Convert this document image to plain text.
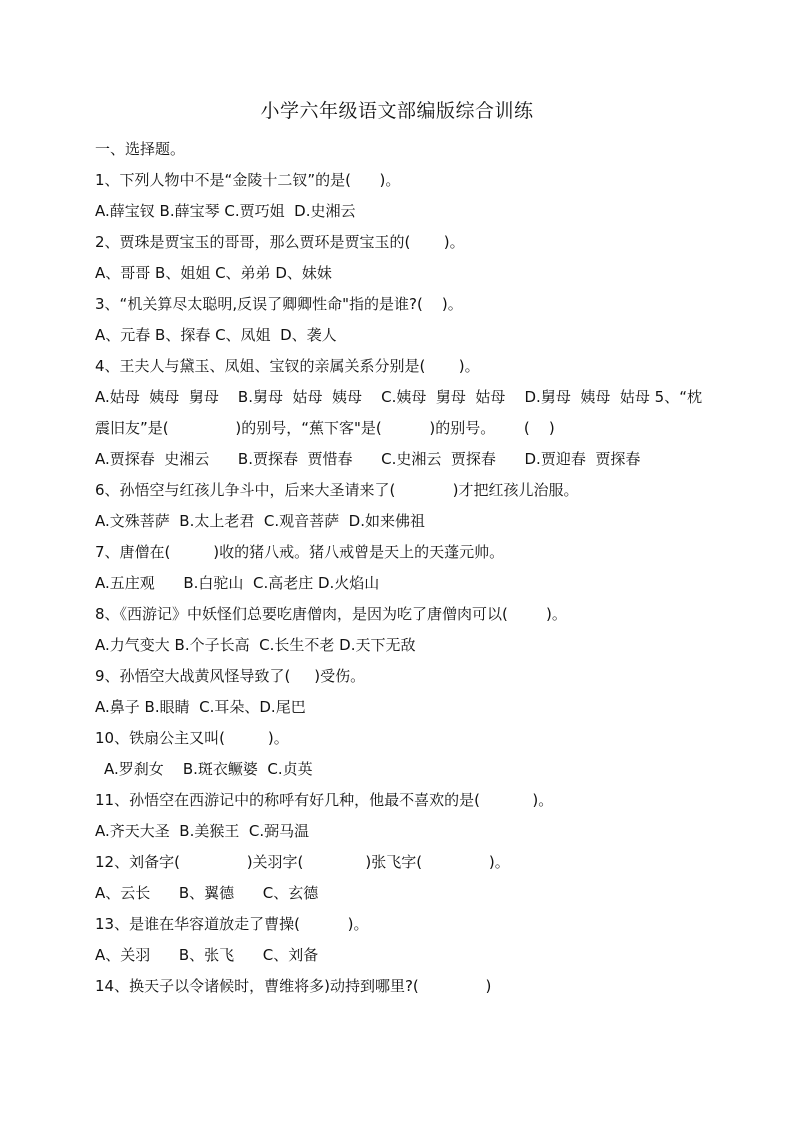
小学六年级语文部编版综合训练
一、选择题。
1、下列人物中不是“金陵十二钗”的是(      )。
A.薛宝钗 B.薛宝琴 C.贾巧姐  D.史湘云
2、贾珠是贾宝玉的哥哥，那么贾环是贾宝玉的(       )。
A、哥哥 B、姐姐 C、弟弟 D、妹妹
3、“机关算尽太聪明,反误了卿卿性命"指的是谁?(    )。
A、元春 B、探春 C、凤姐  D、袭人
4、王夫人与黛玉、凤姐、宝钗的亲属关系分别是(       )。
A.姑母  姨母  舅母    B.舅母  姑母  姨母    C.姨母  舅母  姑母    D.舅母  姨母  姑母 5、“枕
震旧友”是(              )的别号，“蕉下客"是(          )的别号。      (    )
A.贾探春  史湘云      B.贾探春  贾惜春      C.史湘云  贾探春      D.贾迎春  贾探春
6、孙悟空与红孩儿争斗中，后来大圣请来了(            )才把红孩儿治服。
A.文殊菩萨  B.太上老君  C.观音菩萨  D.如来佛祖
7、唐僧在(         )收的猪八戒。猪八戒曾是天上的天蓬元帅。
A.五庄观      B.白驼山  C.高老庄 D.火焰山
8、《西游记》中妖怪们总要吃唐僧肉，是因为吃了唐僧肉可以(        )。
A.力气变大 B.个子长高  C.长生不老 D.天下无敌
9、孙悟空大战黄风怪导致了(     )受伤。
A.鼻子 B.眼睛  C.耳朵、D.尾巴
10、铁扇公主又叫(         )。
A.罗刹女    B.斑衣鳜婆  C.贞英
11、孙悟空在西游记中的称呼有好几种，他最不喜欢的是(           )。
A.齐天大圣  B.美猴王  C.弼马温
12、刘备字(              )关羽字(             )张飞字(              )。
A、云长      B、翼德      C、玄德
13、是谁在华容道放走了曹操(          )。
A、关羽      B、张飞      C、刘备
14、换天子以令诸候时，曹维将多)动持到哪里?(              )
